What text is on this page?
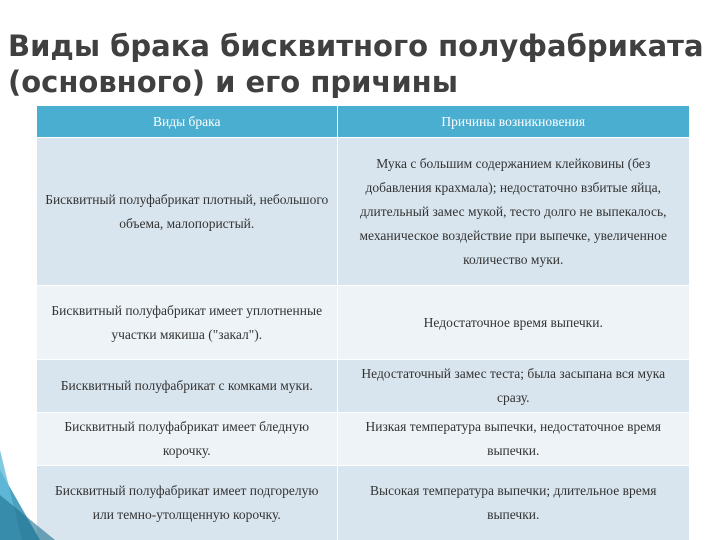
Виды брака бисквитного полуфабриката
(основного) и его причины
Виды брака	Причины возникновения
Бисквитный полуфабрикат плотный, небольшого объема, малопористый.	Мука с большим содержанием клейковины (без добавления крахмала); недостаточно взбитые яйца, длительный замес мукой, тесто долго не выпекалось, механическое воздействие при выпечке, увеличенное количество муки.
Бисквитный полуфабрикат имеет уплотненные участки мякиша ("закал").	Недостаточное время выпечки.
Бисквитный полуфабрикат с комками муки.	Недостаточный замес теста; была засыпана вся мука сразу.
Бисквитный полуфабрикат имеет бледную корочку.	Низкая температура выпечки, недостаточное время выпечки.
Бисквитный полуфабрикат имеет подгорелую или темно-утолщенную корочку.	Высокая температура выпечки; длительное время выпечки.
